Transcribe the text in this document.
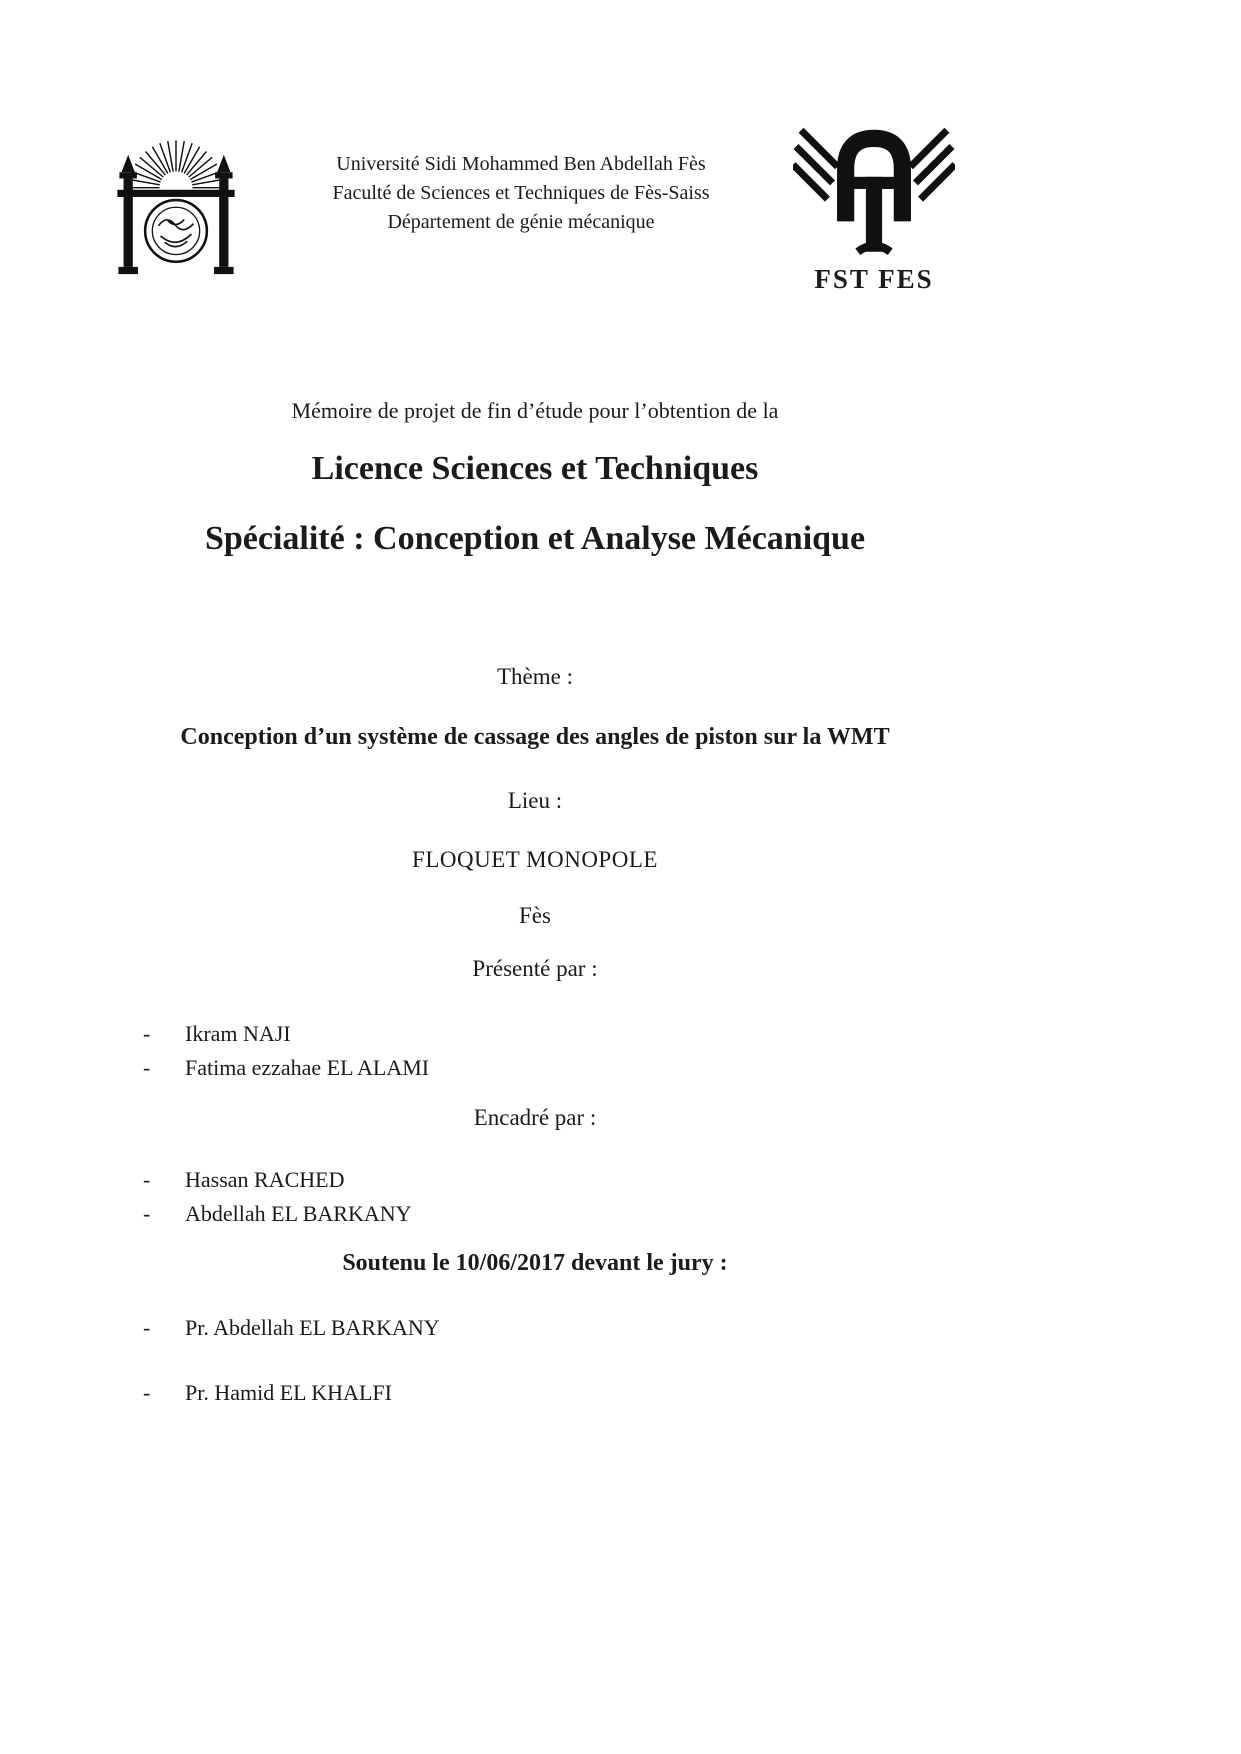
Université Sidi Mohammed Ben Abdellah Fès
Faculté de Sciences et Techniques de Fès-Saiss
Département de génie mécanique
FST FES
Mémoire de projet de fin d’étude pour l’obtention de la
Licence Sciences et Techniques
Spécialité : Conception et Analyse Mécanique
Thème :
Conception d’un système de cassage des angles de piston sur la WMT
Lieu :
FLOQUET MONOPOLE
Fès
Présenté par :
-	Ikram NAJI
-	Fatima ezzahae EL ALAMI
Encadré par :
-	Hassan RACHED
-	Abdellah EL BARKANY
Soutenu le 10/06/2017 devant le jury :
-	Pr. Abdellah EL BARKANY
-	Pr. Hamid EL KHALFI
